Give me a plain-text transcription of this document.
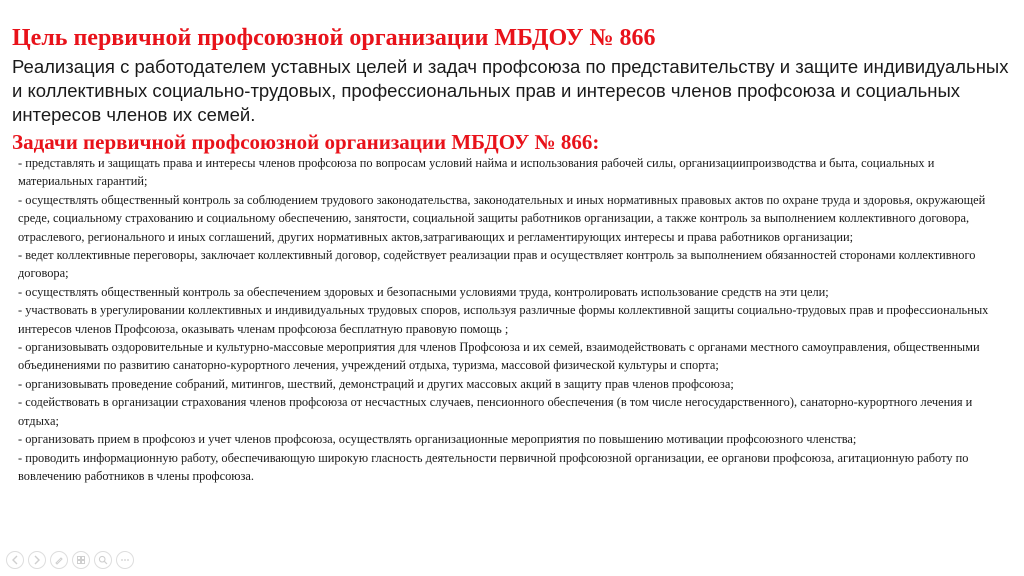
Цель первичной профсоюзной организации МБДОУ № 866
Реализация с работодателем уставных целей и задач профсоюза по представительству и защите индивидуальных и коллективных социально-трудовых, профессиональных прав и интересов членов профсоюза и социальных интересов членов их семей.
Задачи первичной профсоюзной организации МБДОУ № 866:
- представлять и защищать права и интересы членов профсоюза по вопросам условий найма и использования рабочей силы, организациипроизводства и быта, социальных и материальных гарантий;
- осуществлять общественный контроль за соблюдением трудового законодательства, законодательных и иных нормативных правовых актов по охране труда и здоровья, окружающей среде, социальному страхованию и социальному обеспечению, занятости, социальной защиты работников организации, а также контроль за выполнением коллективного договора, отраслевого, регионального и иных соглашений, других нормативных актов,затрагивающих и регламентирующих интересы и права работников организации;
- ведет коллективные переговоры, заключает коллективный договор, содействует реализации прав и осуществляет контроль за выполнением обязанностей сторонами коллективного договора;
- осуществлять общественный контроль за обеспечением здоровых и безопасными условиями труда, контролировать использование средств на эти цели;
- участвовать в урегулировании коллективных и индивидуальных трудовых споров, используя различные формы коллективной защиты социально-трудовых прав и профессиональных интересов членов Профсоюза, оказывать членам профсоюза бесплатную правовую помощь ;
- организовывать оздоровительные и культурно-массовые мероприятия для членов Профсоюза и их семей, взаимодействовать с органами местного самоуправления, общественными объединениями по развитию санаторно-курортного лечения, учреждений отдыха, туризма, массовой физической культуры и спорта;
- организовывать проведение собраний, митингов, шествий, демонстраций и других массовых акций в защиту прав членов профсоюза;
- содействовать в организации страхования членов профсоюза от несчастных случаев, пенсионного обеспечения (в том числе негосударственного), санаторно-курортного лечения и отдыха;
- организовать прием в профсоюз и учет членов профсоюза, осуществлять организационные мероприятия по повышению мотивации профсоюзного членства;
- проводить информационную работу, обеспечивающую широкую гласность деятельности первичной профсоюзной организации, ее органови профсоюза, агитационную работу по вовлечению работников в члены профсоюза.
